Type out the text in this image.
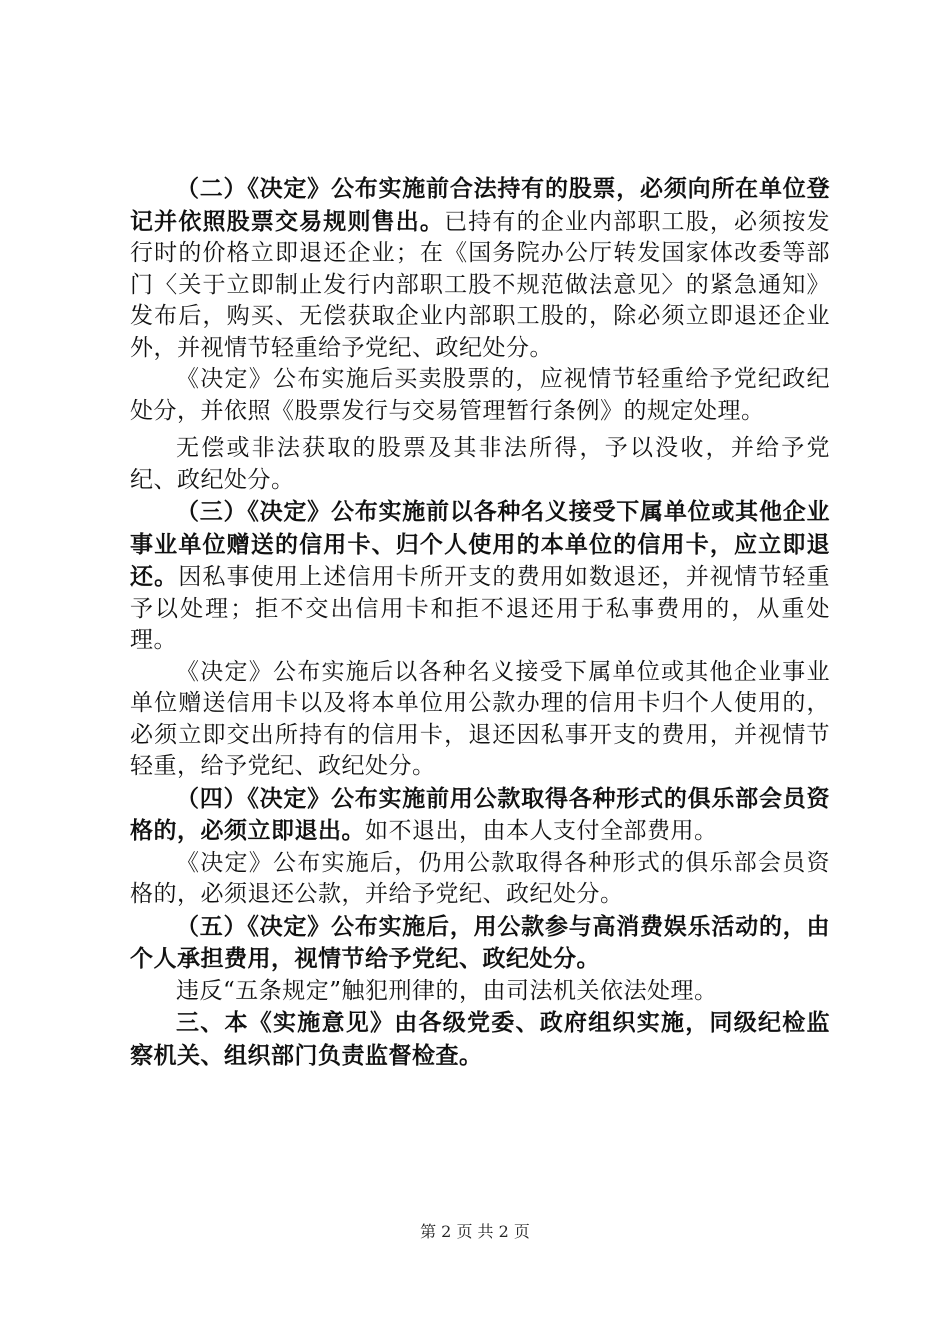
（二）《决定》公布实施前合法持有的股票，必须向所在单位登记并依照股票交易规则售出。已持有的企业内部职工股，必须按发行时的价格立即退还企业；在《国务院办公厅转发国家体改委等部门〈关于立即制止发行内部职工股不规范做法意见〉的紧急通知》发布后，购买、无偿获取企业内部职工股的，除必须立即退还企业外，并视情节轻重给予党纪、政纪处分。

《决定》公布实施后买卖股票的，应视情节轻重给予党纪政纪处分，并依照《股票发行与交易管理暂行条例》的规定处理。

无偿或非法获取的股票及其非法所得，予以没收，并给予党纪、政纪处分。

（三）《决定》公布实施前以各种名义接受下属单位或其他企业事业单位赠送的信用卡、归个人使用的本单位的信用卡，应立即退还。因私事使用上述信用卡所开支的费用如数退还，并视情节轻重予以处理；拒不交出信用卡和拒不退还用于私事费用的，从重处理。

《决定》公布实施后以各种名义接受下属单位或其他企业事业单位赠送信用卡以及将本单位用公款办理的信用卡归个人使用的，必须立即交出所持有的信用卡，退还因私事开支的费用，并视情节轻重，给予党纪、政纪处分。

（四）《决定》公布实施前用公款取得各种形式的俱乐部会员资格的，必须立即退出。如不退出，由本人支付全部费用。

《决定》公布实施后，仍用公款取得各种形式的俱乐部会员资格的，必须退还公款，并给予党纪、政纪处分。

（五）《决定》公布实施后，用公款参与高消费娱乐活动的，由个人承担费用，视情节给予党纪、政纪处分。

违反“五条规定”触犯刑律的，由司法机关依法处理。

三、本《实施意见》由各级党委、政府组织实施，同级纪检监察机关、组织部门负责监督检查。

第 2 页 共 2 页
